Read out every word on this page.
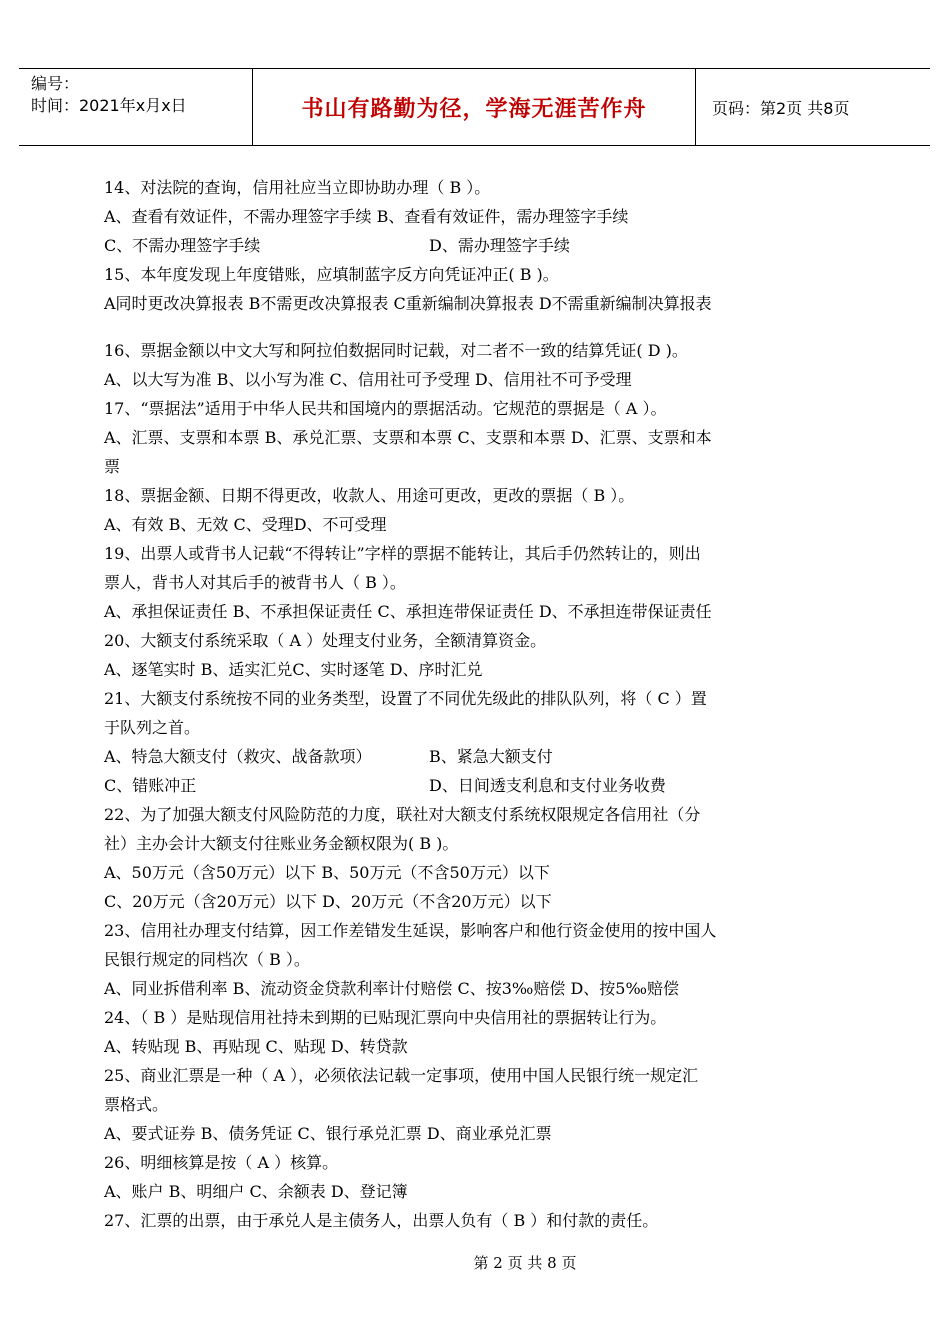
编号：
时间：2021年x月x日	书山有路勤为径，学海无涯苦作舟	页码：第2页 共8页
14、对法院的查询，信用社应当立即协助办理（ B ）。
A、查看有效证件，不需办理签字手续 B、查看有效证件，需办理签字手续
C、不需办理签字手续	D、需办理签字手续
15、本年度发现上年度错账，应填制蓝字反方向凭证冲正( B )。
A同时更改决算报表 B不需更改决算报表 C重新编制决算报表 D不需重新编制决算报表
16、票据金额以中文大写和阿拉伯数据同时记载，对二者不一致的结算凭证( D )。
A、以大写为准 B、以小写为准 C、信用社可予受理 D、信用社不可予受理
17、“票据法”适用于中华人民共和国境内的票据活动。它规范的票据是（ A ）。
A、汇票、支票和本票 B、承兑汇票、支票和本票 C、支票和本票 D、汇票、支票和本
票
18、票据金额、日期不得更改，收款人、用途可更改，更改的票据（ B ）。
A、有效 B、无效 C、受理D、不可受理
19、出票人或背书人记载“不得转让”字样的票据不能转让，其后手仍然转让的，则出
票人，背书人对其后手的被背书人（ B ）。
A、承担保证责任 B、不承担保证责任 C、承担连带保证责任 D、不承担连带保证责任
20、大额支付系统采取（ A ）处理支付业务，全额清算资金。
A、逐笔实时 B、适实汇兑C、实时逐笔 D、序时汇兑
21、大额支付系统按不同的业务类型，设置了不同优先级此的排队队列，将（ C ）置
于队列之首。
A、特急大额支付（救灾、战备款项）	B、紧急大额支付
C、错账冲正	D、日间透支利息和支付业务收费
22、为了加强大额支付风险防范的力度，联社对大额支付系统权限规定各信用社（分
社）主办会计大额支付往账业务金额权限为( B )。
A、50万元（含50万元）以下 B、50万元（不含50万元）以下
C、20万元（含20万元）以下 D、20万元（不含20万元）以下
23、信用社办理支付结算，因工作差错发生延误，影响客户和他行资金使用的按中国人
民银行规定的同档次（ B ）。
A、同业拆借利率 B、流动资金贷款利率计付赔偿 C、按3‰赔偿 D、按5‰赔偿
24、（ B ）是贴现信用社持未到期的已贴现汇票向中央信用社的票据转让行为。
A、转贴现 B、再贴现 C、贴现 D、转贷款
25、商业汇票是一种（ A ），必须依法记载一定事项，使用中国人民银行统一规定汇
票格式。
A、要式证券 B、债务凭证 C、银行承兑汇票 D、商业承兑汇票
26、明细核算是按（ A ）核算。
A、账户 B、明细户 C、余额表 D、登记簿
27、汇票的出票，由于承兑人是主债务人，出票人负有（ B ）和付款的责任。
第 2 页 共 8 页
